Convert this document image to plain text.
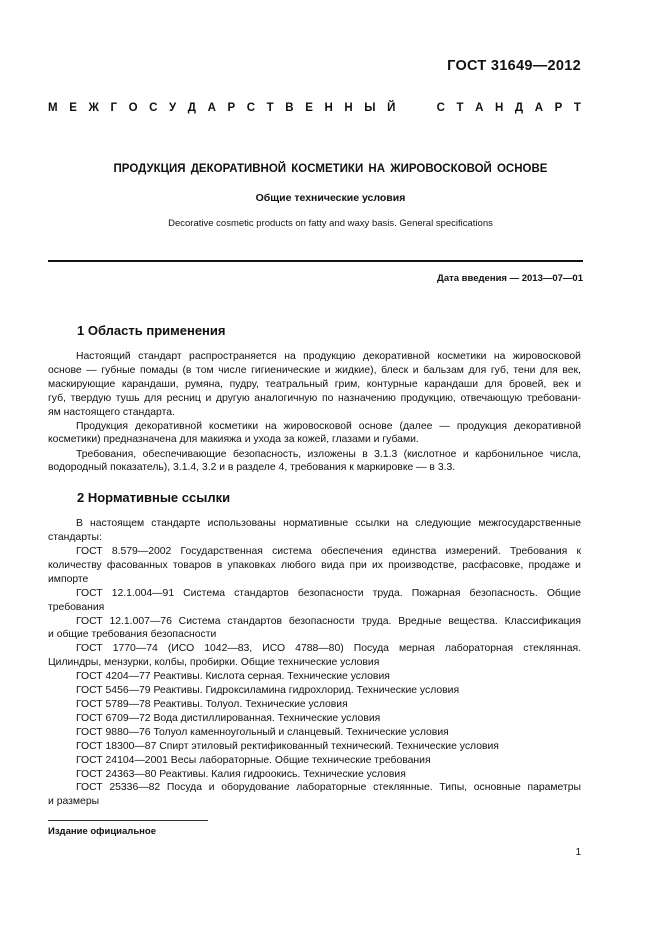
ГОСТ 31649—2012
М Е Ж Г О С У Д А Р С Т В Е Н Н Ы Й

	С Т А Н Д А Р Т
ПРОДУКЦИЯ ДЕКОРАТИВНОЙ КОСМЕТИКИ НА ЖИРОВОСКОВОЙ ОСНОВЕ
Общие технические условия
Decorative cosmetic products on fatty and waxy basis. General specifications
Дата введения — 2013—07—01
1 Область применения
Настоящий стандарт распространяется на продукцию декоративной косметики на жировосковой
основе — губные помады (в том числе гигиенические и жидкие), блеск и бальзам для губ, тени для век,
маскирующие карандаши, румяна, пудру, театральный грим, контурные карандаши для бровей, век и
губ, твердую тушь для ресниц и другую аналогичную по назначению продукцию, отвечающую требовани-
ям настоящего стандарта.
Продукция декоративной косметики на жировосковой основе (далее — продукция декоративной
косметики) предназначена для макияжа и ухода за кожей, глазами и губами.
Требования, обеспечивающие безопасность, изложены в 3.1.3 (кислотное и карбонильное числа,
водородный показатель), 3.1.4, 3.2 и в разделе 4, требования к маркировке — в 3.3.
2 Нормативные ссылки
В настоящем стандарте использованы нормативные ссылки на следующие межгосударственные
стандарты:
ГОСТ 8.579—2002 Государственная система обеспечения единства измерений. Требования к
количеству фасованных товаров в упаковках любого вида при их производстве, расфасовке, продаже и
импорте
ГОСТ 12.1.004—91 Система стандартов безопасности труда. Пожарная безопасность. Общие
требования
ГОСТ 12.1.007—76 Система стандартов безопасности труда. Вредные вещества. Классификация
и общие требования безопасности
ГОСТ 1770—74 (ИСО 1042—83, ИСО 4788—80) Посуда мерная лабораторная стеклянная.
Цилиндры, мензурки, колбы, пробирки. Общие технические условия
ГОСТ 4204—77 Реактивы. Кислота серная. Технические условия
ГОСТ 5456—79 Реактивы. Гидроксиламина гидрохлорид. Технические условия
ГОСТ 5789—78 Реактивы. Толуол. Технические условия
ГОСТ 6709—72 Вода дистиллированная. Технические условия
ГОСТ 9880—76 Толуол каменноугольный и сланцевый. Технические условия
ГОСТ 18300—87 Спирт этиловый ректификованный технический. Технические условия
ГОСТ 24104—2001 Весы лабораторные. Общие технические требования
ГОСТ 24363—80 Реактивы. Калия гидроокись. Технические условия
ГОСТ 25336—82 Посуда и оборудование лабораторные стеклянные. Типы, основные параметры
и размеры
Издание официальное
1
